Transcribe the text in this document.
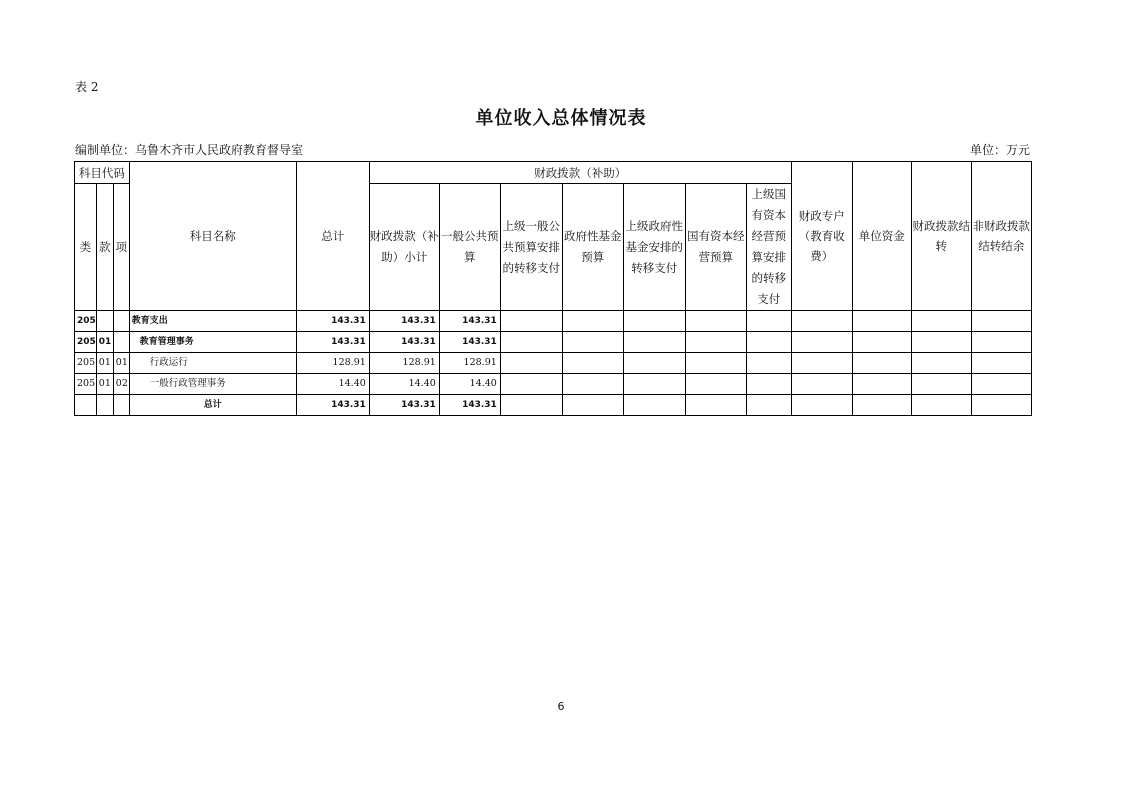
表 2
单位收入总体情况表
编制单位：乌鲁木齐市人民政府教育督导室	单位：万元
科目代码			科目名称	总计	财政拨款（补助）							财政专户（教育收费）	单位资金	财政拨款结转	非财政拨款结转结余
类	款	项			财政拨款（补助）小计	一般公共预算	上级一般公共预算安排的转移支付	政府性基金预算	上级政府性基金安排的转移支付	国有资本经营预算	上级国有资本经营预算安排的转移支付				
205			教育支出	143.31	143.31	143.31									
205	01		教育管理事务	143.31	143.31	143.31									
205	01	01	行政运行	128.91	128.91	128.91									
205	01	02	一般行政管理事务	14.40	14.40	14.40									
			总计	143.31	143.31	143.31									
6
